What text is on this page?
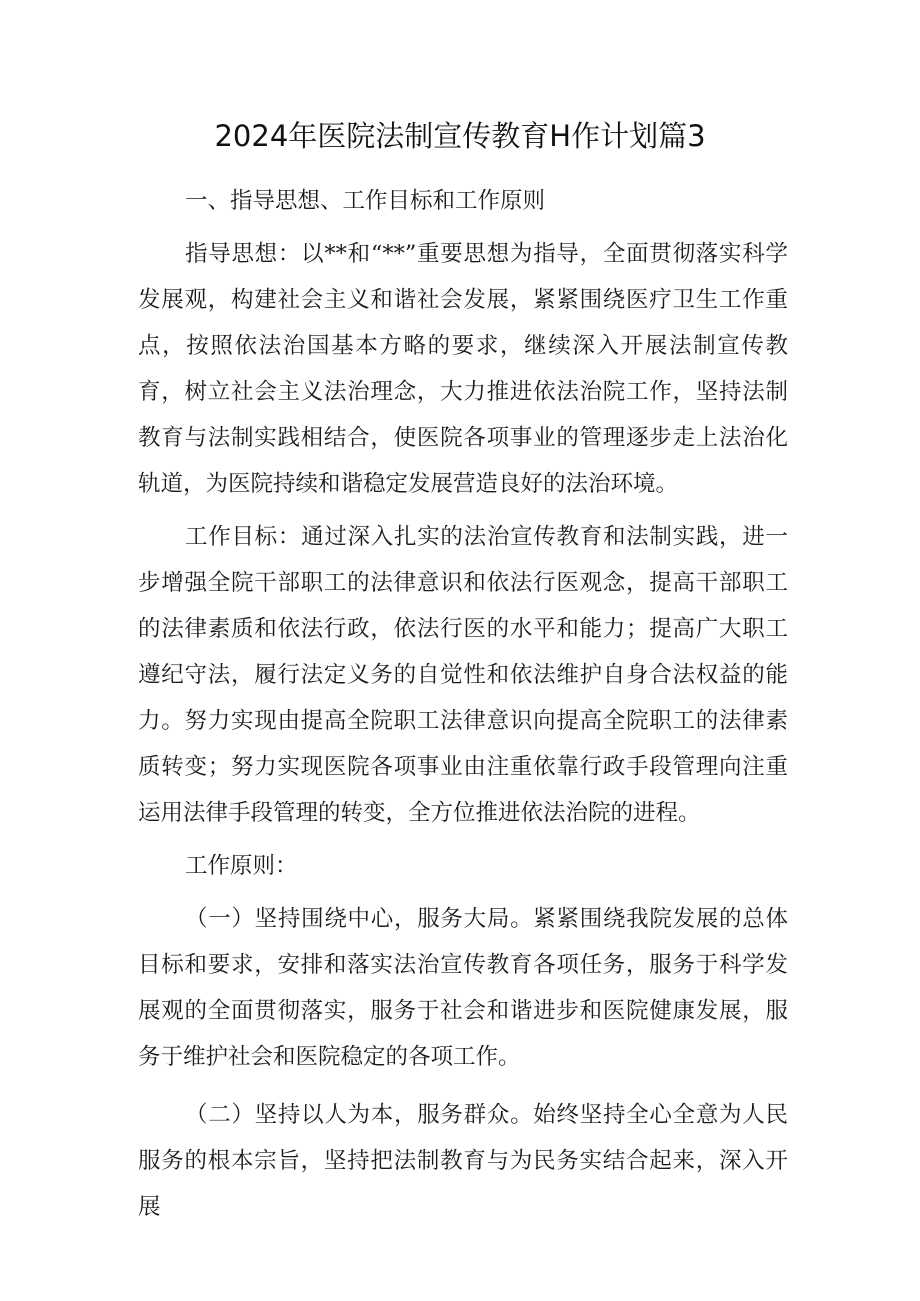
2024年医院法制宣传教育H作计划篇3

一、指导思想、工作目标和工作原则

指导思想：以**和“**”重要思想为指导，全面贯彻落实科学发展观，构建社会主义和谐社会发展，紧紧围绕医疗卫生工作重点，按照依法治国基本方略的要求，继续深入开展法制宣传教育，树立社会主义法治理念，大力推进依法治院工作，坚持法制教育与法制实践相结合，使医院各项事业的管理逐步走上法治化轨道，为医院持续和谐稳定发展营造良好的法治环境。

工作目标：通过深入扎实的法治宣传教育和法制实践，进一步增强全院干部职工的法律意识和依法行医观念，提高干部职工的法律素质和依法行政，依法行医的水平和能力；提高广大职工遵纪守法，履行法定义务的自觉性和依法维护自身合法权益的能力。努力实现由提高全院职工法律意识向提高全院职工的法律素质转变；努力实现医院各项事业由注重依靠行政手段管理向注重运用法律手段管理的转变，全方位推进依法治院的进程。

工作原则：

（一）坚持围绕中心，服务大局。紧紧围绕我院发展的总体目标和要求，安排和落实法治宣传教育各项任务，服务于科学发展观的全面贯彻落实，服务于社会和谐进步和医院健康发展，服务于维护社会和医院稳定的各项工作。

（二）坚持以人为本，服务群众。始终坚持全心全意为人民服务的根本宗旨，坚持把法制教育与为民务实结合起来，深入开展
